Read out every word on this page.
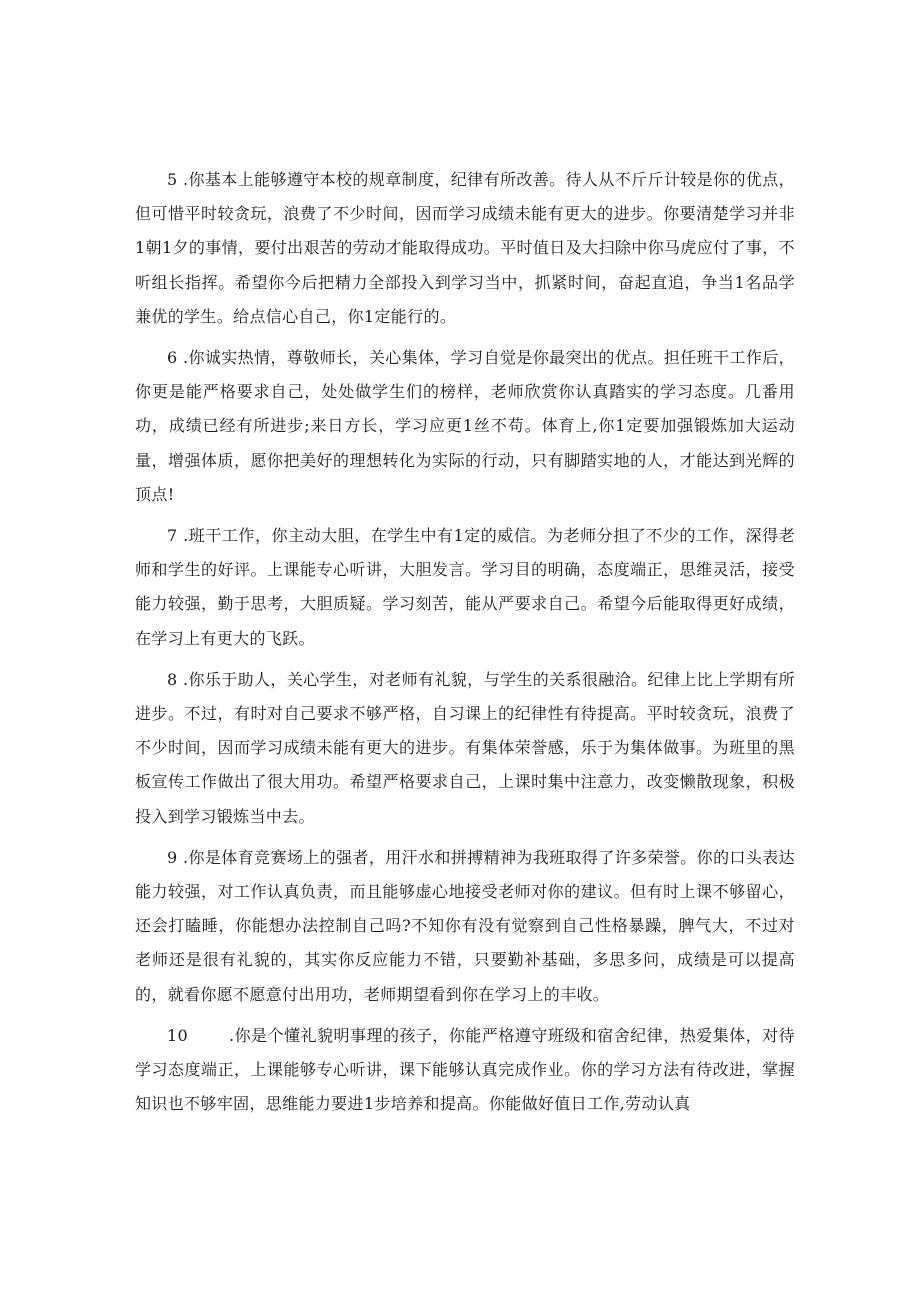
5 .你基本上能够遵守本校的规章制度，纪律有所改善。待人从不斤斤计较是你的优点，但可惜平时较贪玩，浪费了不少时间，因而学习成绩未能有更大的进步。你要清楚学习并非1朝1夕的事情，要付出艰苦的劳动才能取得成功。平时值日及大扫除中你马虎应付了事，不听组长指挥。希望你今后把精力全部投入到学习当中，抓紧时间，奋起直追，争当1名品学兼优的学生。给点信心自己，你1定能行的。

6 .你诚实热情，尊敬师长，关心集体，学习自觉是你最突出的优点。担任班干工作后，你更是能严格要求自己，处处做学生们的榜样，老师欣赏你认真踏实的学习态度。几番用功，成绩已经有所进步;来日方长，学习应更1丝不苟。体育上,你1定要加强锻炼加大运动量，增强体质，愿你把美好的理想转化为实际的行动，只有脚踏实地的人，才能达到光辉的顶点!

7 .班干工作，你主动大胆，在学生中有1定的威信。为老师分担了不少的工作，深得老师和学生的好评。上课能专心听讲，大胆发言。学习目的明确，态度端正，思维灵活，接受能力较强，勤于思考，大胆质疑。学习刻苦，能从严要求自己。希望今后能取得更好成绩，在学习上有更大的飞跃。

8 .你乐于助人，关心学生，对老师有礼貌，与学生的关系很融洽。纪律上比上学期有所进步。不过，有时对自己要求不够严格，自习课上的纪律性有待提高。平时较贪玩，浪费了不少时间，因而学习成绩未能有更大的进步。有集体荣誉感，乐于为集体做事。为班里的黑板宣传工作做出了很大用功。希望严格要求自己，上课时集中注意力，改变懒散现象，积极投入到学习锻炼当中去。

9 .你是体育竞赛场上的强者，用汗水和拼搏精神为我班取得了许多荣誉。你的口头表达能力较强，对工作认真负责，而且能够虚心地接受老师对你的建议。但有时上课不够留心，还会打瞌睡，你能想办法控制自己吗?不知你有没有觉察到自己性格暴躁，脾气大，不过对老师还是很有礼貌的，其实你反应能力不错，只要勤补基础，多思多问，成绩是可以提高的，就看你愿不愿意付出用功，老师期望看到你在学习上的丰收。

10	.你是个懂礼貌明事理的孩子，你能严格遵守班级和宿舍纪律，热爱集体，对待学习态度端正，上课能够专心听讲，课下能够认真完成作业。你的学习方法有待改进，掌握知识也不够牢固，思维能力要进1步培养和提高。你能做好值日工作,劳动认真
